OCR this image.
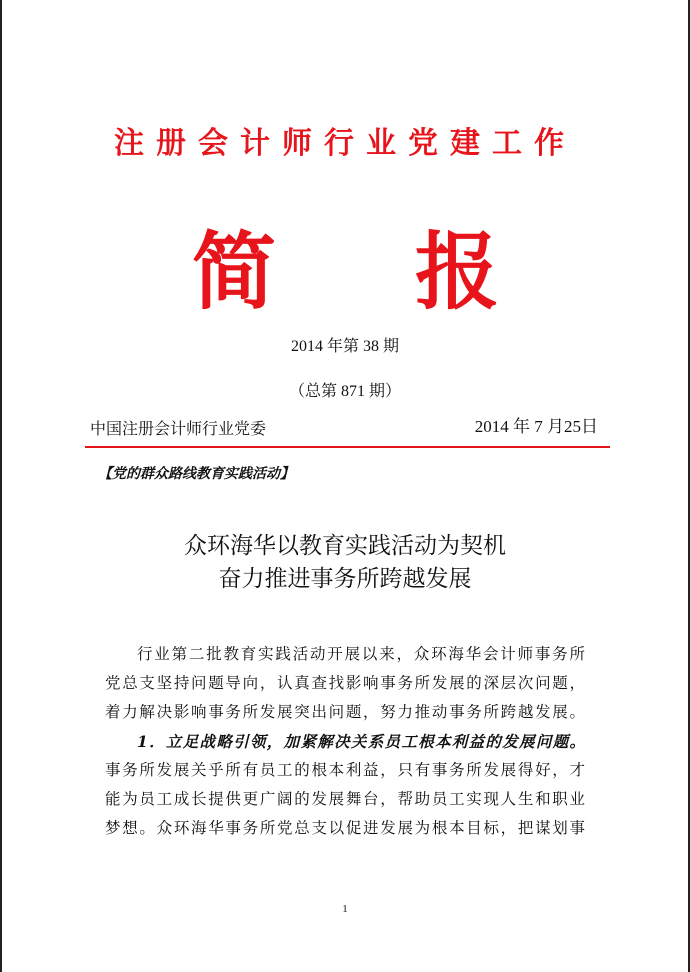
注册会计师行业党建工作
简 报
2014 年第 38 期
（总第 871 期）
中国注册会计师行业党委	2014 年 7 月25日
【党的群众路线教育实践活动】
众环海华以教育实践活动为契机
奋力推进事务所跨越发展
行业第二批教育实践活动开展以来，众环海华会计师事务所
党总支坚持问题导向，认真查找影响事务所发展的深层次问题，
着力解决影响事务所发展突出问题，努力推动事务所跨越发展。
1．立足战略引领，加紧解决关系员工根本利益的发展问题。
事务所发展关乎所有员工的根本利益，只有事务所发展得好，才
能为员工成长提供更广阔的发展舞台，帮助员工实现人生和职业
梦想。众环海华事务所党总支以促进发展为根本目标，把谋划事
1
